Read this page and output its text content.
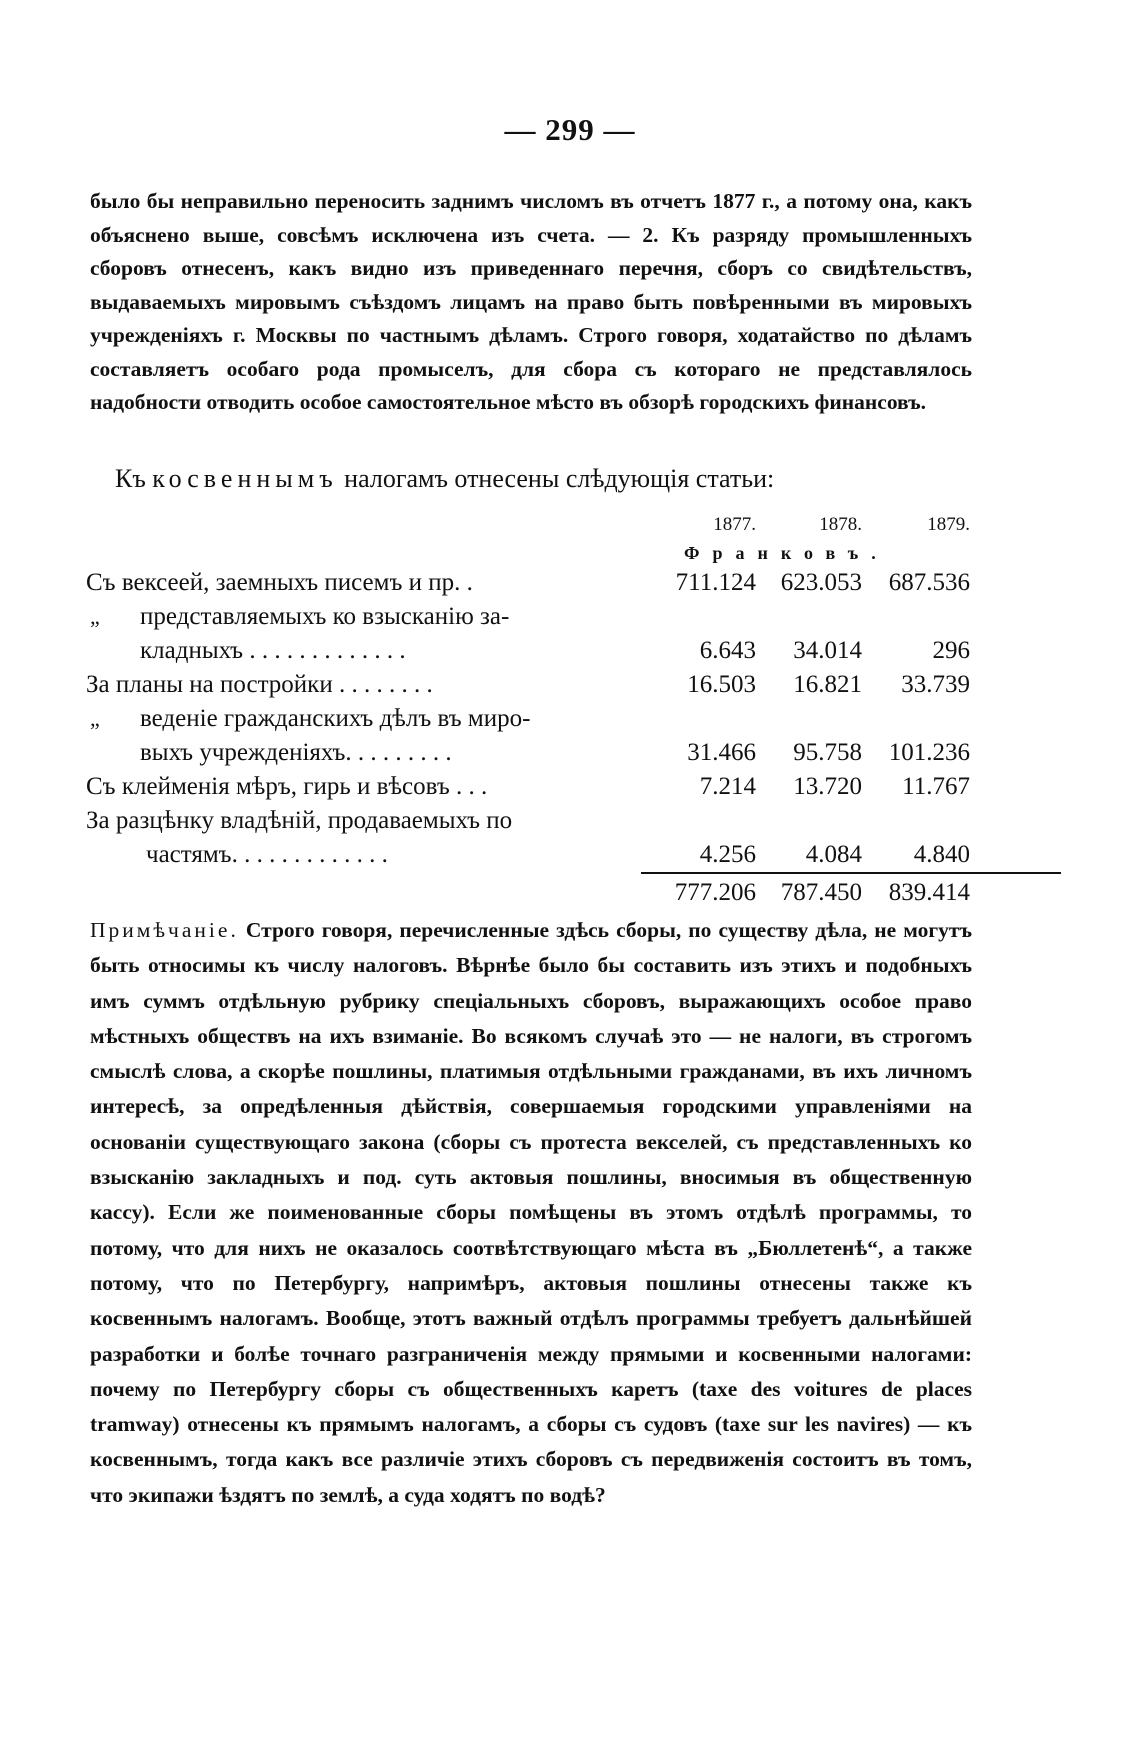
— 299 —
было бы неправильно переносить заднимъ числомъ въ отчетъ 1877 г., а потому она, какъ объяснено выше, совсѣмъ исключена изъ счета. — 2. Къ разряду промышленныхъ сборовъ отнесенъ, какъ видно изъ приведеннаго перечня, сборъ со свидѣтельствъ, выдаваемыхъ мировымъ съѣздомъ лицамъ на право быть повѣренными въ мировыхъ учрежденіяхъ г. Москвы по частнымъ дѣламъ. Строго говоря, ходатайство по дѣламъ составляетъ особаго рода промыселъ, для сбора съ котораго не представлялось надобности отводить особое самостоятельное мѣсто въ обзорѣ городскихъ финансовъ.
Къ косвеннымъ налогамъ отнесены слѣдующія статьи:
1877.	1878.	1879.
Франковъ.
Съ вексеей, заемныхъ писемъ и пр. .	711.124 623.053	687.536
„ представляемыхъ ко взысканію за-
кладныхъ . . . . . . . . . . . . .	6.643	34.014	296
За планы на постройки . . . . . . . .	16.503	16.821	33.739
„ веденіе гражданскихъ дѣлъ въ миро-
выхъ учрежденіяхъ. . . . . . . . .	31.466	95.758	101.236
Съ клейменія мѣръ, гирь и вѣсовъ . . .	7.214	13.720	11.767
За разцѣнку владѣній, продаваемыхъ по
частямъ. . . . . . . . . . . . .	4.256	4.084	4.840
777.206 787.450	839.414
Примѣчаніе. Строго говоря, перечисленные здѣсь сборы, по существу дѣла, не могутъ быть относимы къ числу налоговъ. Вѣрнѣе было бы составить изъ этихъ и подобныхъ имъ суммъ отдѣльную рубрику спеціальныхъ сборовъ, выражающихъ особое право мѣстныхъ обществъ на ихъ взиманіе. Во всякомъ случаѣ это — не налоги, въ строгомъ смыслѣ слова, а скорѣе пошлины, платимыя отдѣльными гражданами, въ ихъ личномъ интересѣ, за опредѣленныя дѣйствія, совершаемыя городскими управленіями на основаніи существующаго закона (сборы съ протеста векселей, съ представленныхъ ко взысканію закладныхъ и под. суть актовыя пошлины, вносимыя въ общественную кассу). Если же поименованные сборы помѣщены въ этомъ отдѣлѣ программы, то потому, что для нихъ не оказалось соотвѣтствующаго мѣста въ „Бюллетенѣ“, а также потому, что по Петербургу, напримѣръ, актовыя пошлины отнесены также къ косвеннымъ налогамъ. Вообще, этотъ важный отдѣлъ программы требуетъ дальнѣйшей разработки и болѣе точнаго разграниченія между прямыми и косвенными налогами: почему по Петербургу сборы съ общественныхъ каретъ (taxe des voitures de places tramway) отнесены къ прямымъ налогамъ, а сборы съ судовъ (taxe sur les navires) — къ косвеннымъ, тогда какъ все различіе этихъ сборовъ съ передвиженія состоитъ въ томъ, что экипажи ѣздятъ по землѣ, а суда ходятъ по водѣ?
